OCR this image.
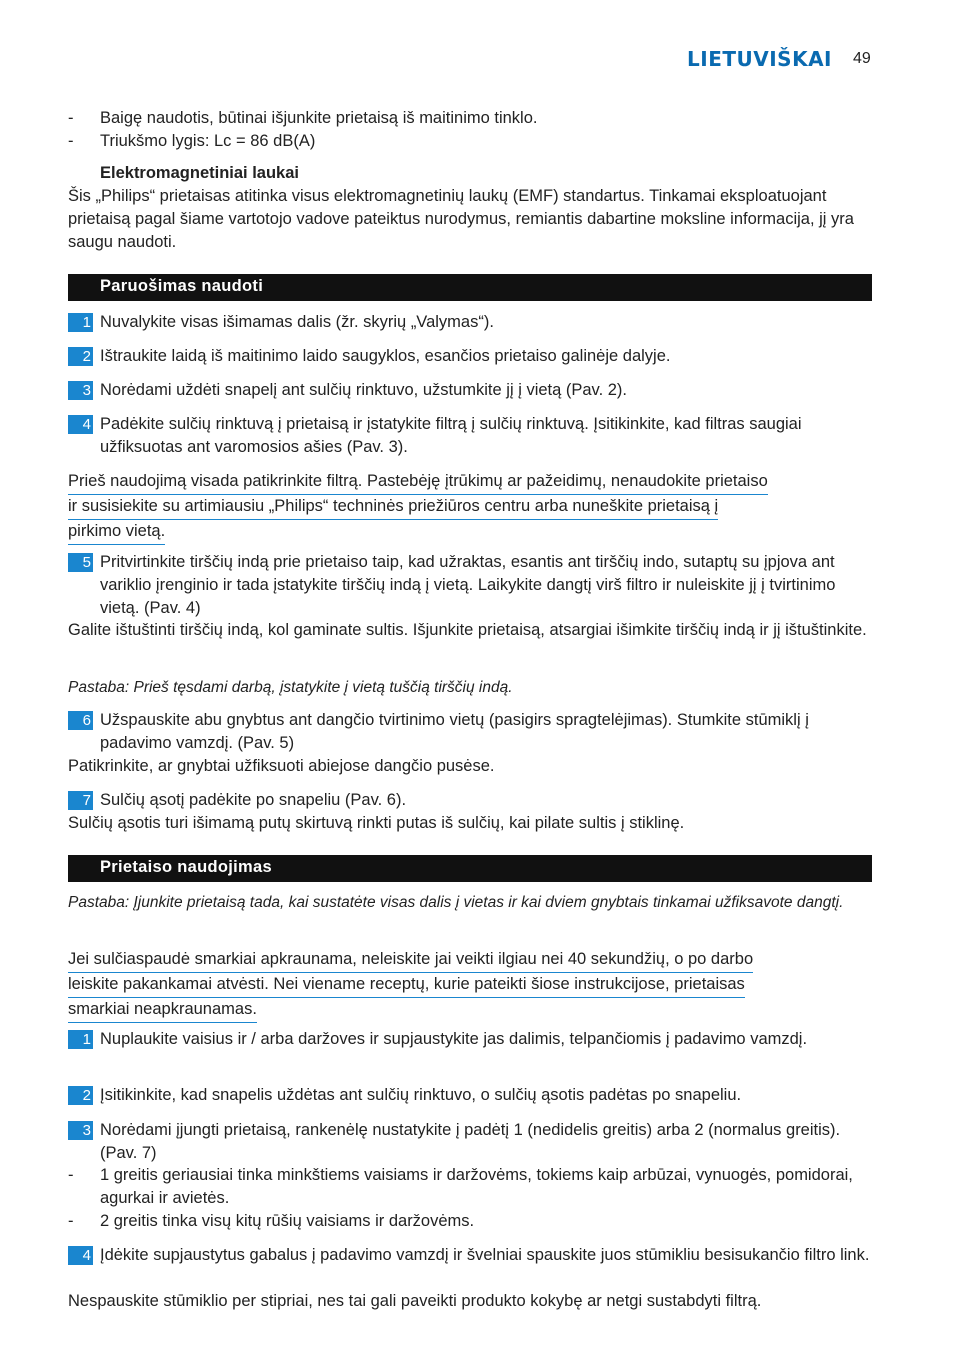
LIETUVIŠKAI 49
- Baigę naudotis, būtinai išjunkite prietaisą iš maitinimo tinklo.
- Triukšmo lygis: Lc = 86 dB(A)
Elektromagnetiniai laukai
Šis „Philips“ prietaisas atitinka visus elektromagnetinių laukų (EMF) standartus. Tinkamai eksploatuojant prietaisą pagal šiame vartotojo vadove pateiktus nurodymus, remiantis dabartine moksline informacija, jį yra saugu naudoti.
Paruošimas naudoti
1 Nuvalykite visas išimamas dalis (žr. skyrių „Valymas“).
2 Ištraukite laidą iš maitinimo laido saugyklos, esančios prietaiso galinėje dalyje.
3 Norėdami uždėti snapelį ant sulčių rinktuvo, užstumkite jį į vietą (Pav. 2).
4 Padėkite sulčių rinktuvą į prietaisą ir įstatykite filtrą į sulčių rinktuvą. Įsitikinkite, kad filtras saugiai užfiksuotas ant varomosios ašies (Pav. 3).
Prieš naudojimą visada patikrinkite filtrą. Pastebėję įtrūkimų ar pažeidimų, nenaudokite prietaiso
ir susisiekite su artimiausiu „Philips“ techninės priežiūros centru arba nuneškite prietaisą į
pirkimo vietą.
5 Pritvirtinkite tirščių indą prie prietaiso taip, kad užraktas, esantis ant tirščių indo, sutaptų su įpjova ant variklio įrenginio ir tada įstatykite tirščių indą į vietą. Laikykite dangtį virš filtro ir nuleiskite jį į tvirtinimo vietą. (Pav. 4)
Galite ištuštinti tirščių indą, kol gaminate sultis. Išjunkite prietaisą, atsargiai išimkite tirščių indą ir jį ištuštinkite.
Pastaba: Prieš tęsdami darbą, įstatykite į vietą tuščią tirščių indą.
6 Užspauskite abu gnybtus ant dangčio tvirtinimo vietų (pasigirs spragtelėjimas). Stumkite stūmiklį į padavimo vamzdį. (Pav. 5)
Patikrinkite, ar gnybtai užfiksuoti abiejose dangčio pusėse.
7 Sulčių ąsotį padėkite po snapeliu (Pav. 6).
Sulčių ąsotis turi išimamą putų skirtuvą rinkti putas iš sulčių, kai pilate sultis į stiklinę.
Prietaiso naudojimas
Pastaba: Įjunkite prietaisą tada, kai sustatėte visas dalis į vietas ir kai dviem gnybtais tinkamai užfiksavote dangtį.
Jei sulčiaspaudė smarkiai apkraunama, neleiskite jai veikti ilgiau nei 40 sekundžių, o po darbo
leiskite pakankamai atvėsti. Nei viename receptų, kurie pateikti šiose instrukcijose, prietaisas
smarkiai neapkraunamas.
1 Nuplaukite vaisius ir / arba daržoves ir supjaustykite jas dalimis, telpančiomis į padavimo vamzdį.
2 Įsitikinkite, kad snapelis uždėtas ant sulčių rinktuvo, o sulčių ąsotis padėtas po snapeliu.
3 Norėdami įjungti prietaisą, rankenėlę nustatykite į padėtį 1 (nedidelis greitis) arba 2 (normalus greitis). (Pav. 7)
- 1 greitis geriausiai tinka minkštiems vaisiams ir daržovėms, tokiems kaip arbūzai, vynuogės, pomidorai, agurkai ir avietės.
- 2 greitis tinka visų kitų rūšių vaisiams ir daržovėms.
4 Įdėkite supjaustytus gabalus į padavimo vamzdį ir švelniai spauskite juos stūmikliu besisukančio filtro link.
Nespauskite stūmiklio per stipriai, nes tai gali paveikti produkto kokybę ar netgi sustabdyti filtrą.
